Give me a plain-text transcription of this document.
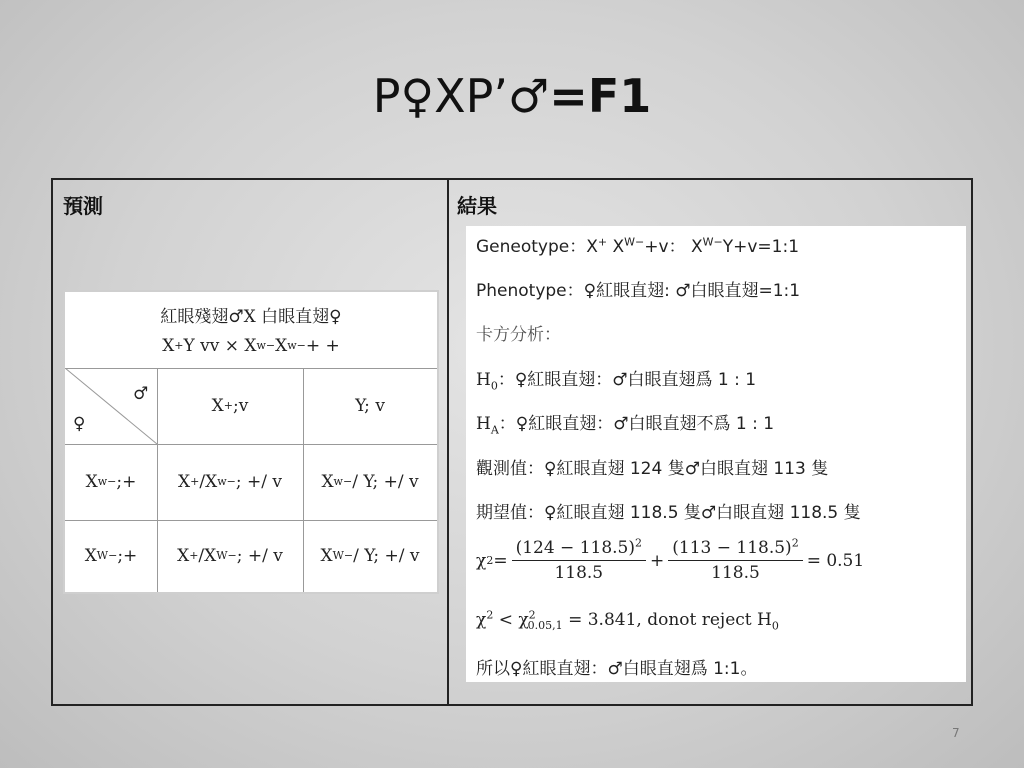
P♀XP’♂=F1
預測	結果
紅眼殘翅♂X 白眼直翅♀
X + Y vv × X w− X w− + +
♂
♀
X + ;v	Y; v
X w− ;+ X + /X w− ; +/ v X w− / Y; +/ v
X W− ;+ X + /X W− ; +/ v X W− / Y; +/ v
Geneotype：X+ $X^{W-}+v$： $X^{W-}Y+v=1:1$
Phenotype：♀紅眼直翅: ♂白眼直翅=1:1
卡方分析：
$H_0$：♀紅眼直翅：♂白眼直翅爲 1 : 1
$H_A$：♀紅眼直翅：♂白眼直翅不爲 1 : 1
觀測值：♀紅眼直翅 124 隻♂白眼直翅 113 隻
期望值：♀紅眼直翅 118.5 隻♂白眼直翅 118.5 隻
χ $2 = \frac{(124 - 118.5)^2}{118.5} + \frac{(113 - 118.5)^2}{118.5} = 0.51$
$\chi^2 < \chi^2_{0.05,1} = 3.841$, donot reject $H_0$
所以♀紅眼直翅：♂白眼直翅爲 1:1。
7
